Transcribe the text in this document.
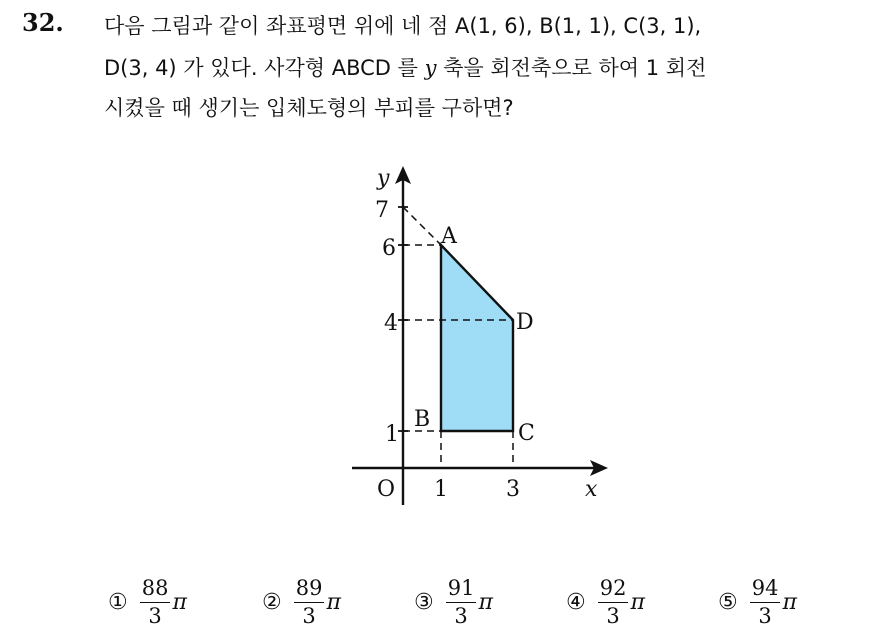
32. 다음 그림과 같이 좌표평면 위에 네 점 A(1, 6), B(1, 1), C(3, 1),
D(3, 4) 가 있다. 사각형 ABCD 를 y 축을 회전축으로 하여 1 회전
시켰을 때 생기는 입체도형의 부피를 구하면?
y
x
O
7
6
4
1
1	3
A
B
C
D
① $\frac{88}{3}$ π	② $\frac{89}{3}$ π	③ $\frac{91}{3}$ π	④ $\frac{92}{3}$ π	⑤ $\frac{94}{3}$ π
